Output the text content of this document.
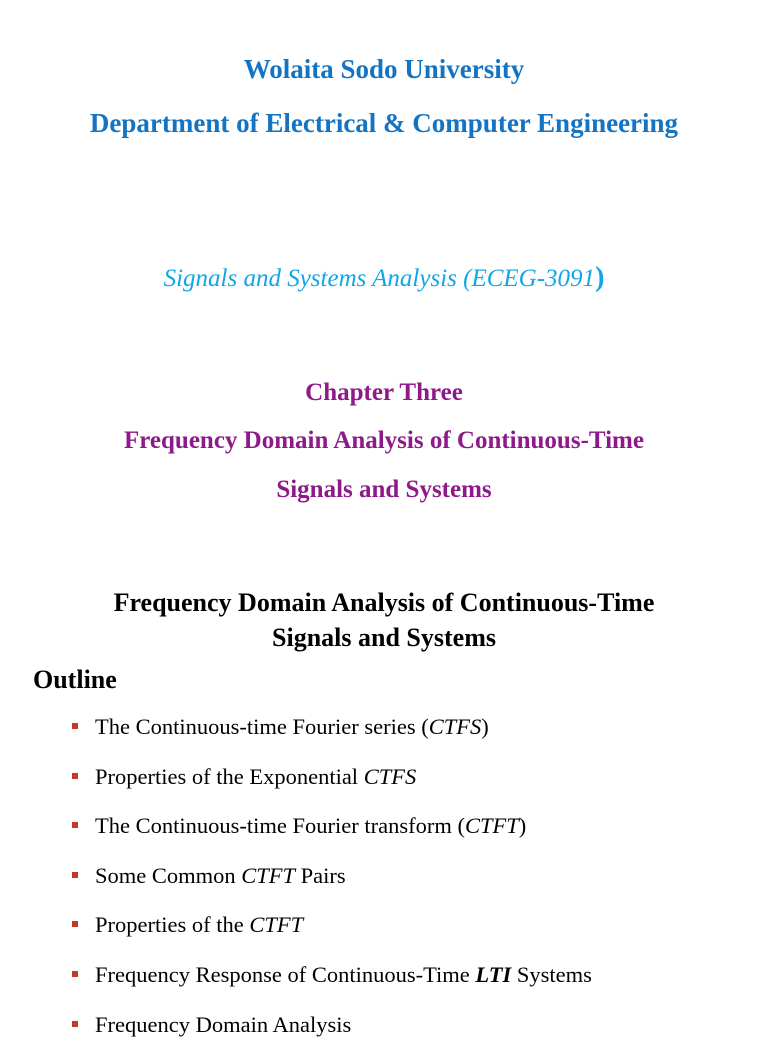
Wolaita Sodo University
Department of Electrical & Computer Engineering
Signals and Systems Analysis (ECEG-3091)
Chapter Three
Frequency Domain Analysis of Continuous-Time
Signals and Systems
Frequency Domain Analysis of Continuous-Time
Signals and Systems
Outline
The Continuous-time Fourier series (CTFS)
Properties of the Exponential CTFS
The Continuous-time Fourier transform (CTFT)
Some Common CTFT Pairs
Properties of the CTFT
Frequency Response of Continuous-Time LTI Systems
Frequency Domain Analysis
